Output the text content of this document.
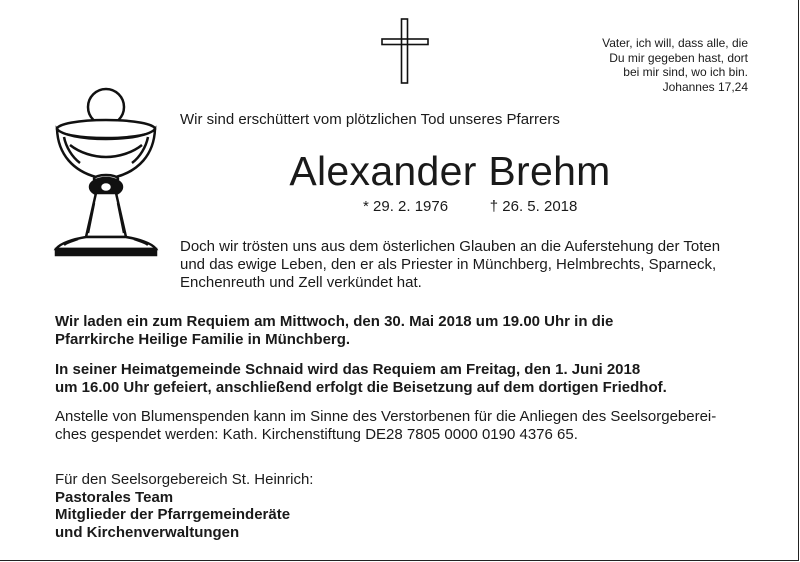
Vater, ich will, dass alle, die
Du mir gegeben hast, dort
bei mir sind, wo ich bin.
Johannes 17,24
Wir sind erschüttert vom plötzlichen Tod unseres Pfarrers
Alexander Brehm
* 29. 2. 1976	† 26. 5. 2018
Doch wir trösten uns aus dem österlichen Glauben an die Auferstehung der Toten
und das ewige Leben, den er als Priester in Münchberg, Helmbrechts, Sparneck,
Enchenreuth und Zell verkündet hat.
Wir laden ein zum Requiem am Mittwoch, den 30. Mai 2018 um 19.00 Uhr in die
Pfarrkirche Heilige Familie in Münchberg.
In seiner Heimatgemeinde Schnaid wird das Requiem am Freitag, den 1. Juni 2018
um 16.00 Uhr gefeiert, anschließend erfolgt die Beisetzung auf dem dortigen Friedhof.
Anstelle von Blumenspenden kann im Sinne des Verstorbenen für die Anliegen des Seelsorgeberei-
ches gespendet werden: Kath. Kirchenstiftung DE28 7805 0000 0190 4376 65.
Für den Seelsorgebereich St. Heinrich:
Pastorales Team
Mitglieder der Pfarrgemeinderäte
und Kirchenverwaltungen
